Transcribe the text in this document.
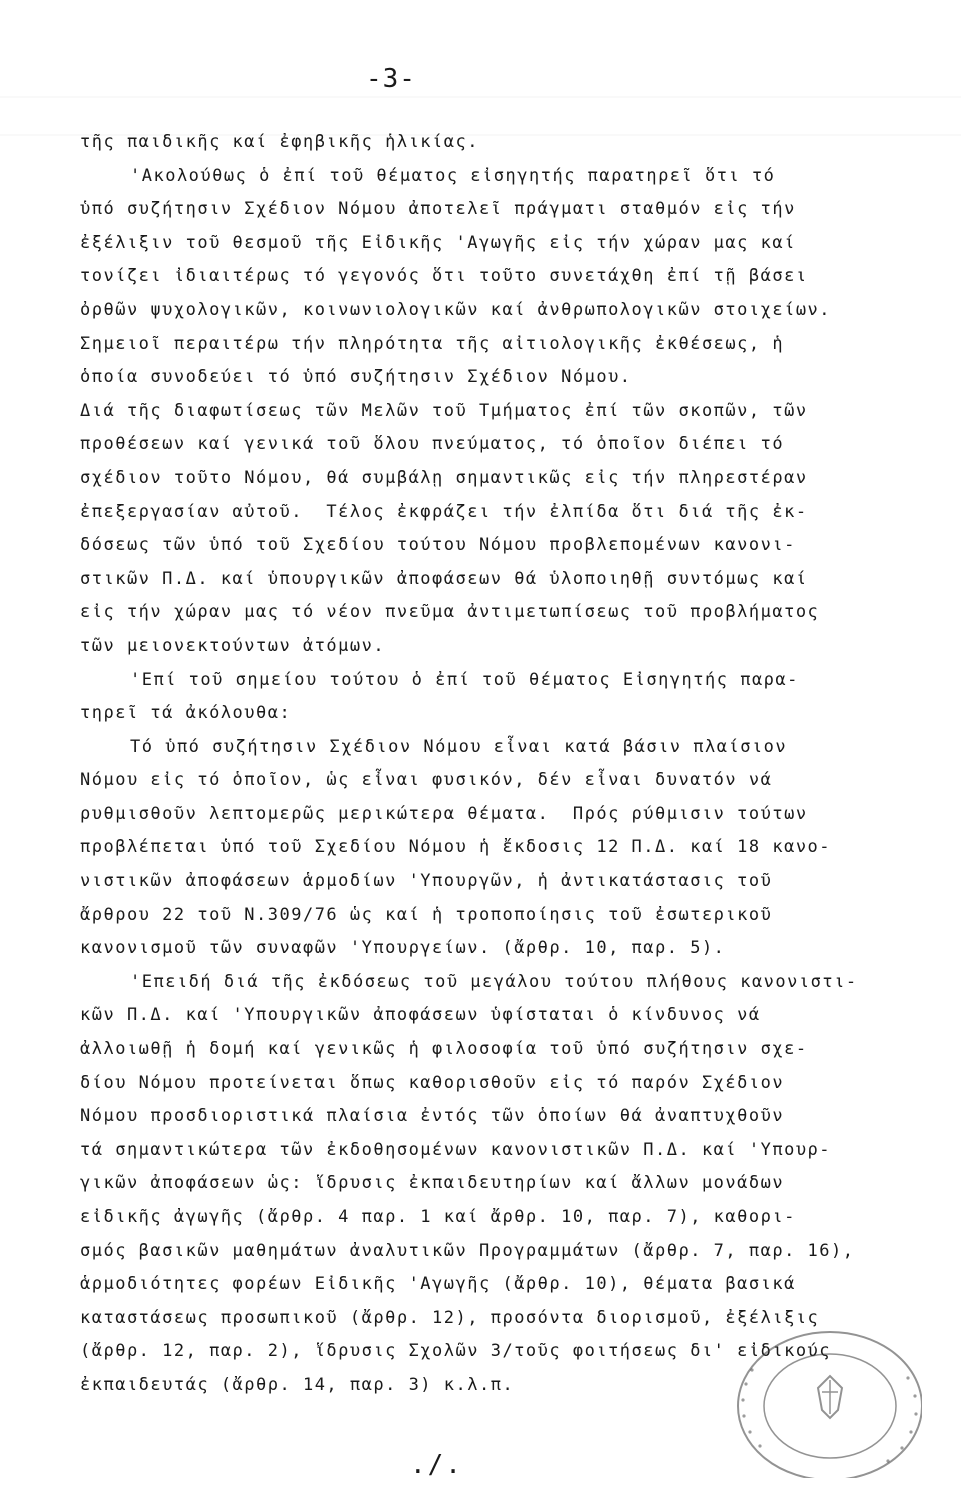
-3-
τῆς παιδικῆς καί ἐφηβικῆς ἡλικίας.
'Ακολούθως ὁ ἐπί τοῦ θέματος εἰσηγητής παρατηρεῖ ὅτι τό
ὑπό συζήτησιν Σχέδιον Νόμου ἀποτελεῖ πράγματι σταθμόν εἰς τήν
ἐξέλιξιν τοῦ θεσμοῦ τῆς Εἰδικῆς 'Αγωγῆς εἰς τήν χώραν μας καί
τονίζει ἰδιαιτέρως τό γεγονός ὅτι τοῦτο συνετάχθη ἐπί τῇ βάσει
ὀρθῶν ψυχολογικῶν, κοινωνιολογικῶν καί ἀνθρωπολογικῶν στοιχείων.
Σημειοῖ περαιτέρω τήν πληρότητα τῆς αἰτιολογικῆς ἐκθέσεως, ἡ
ὁποία συνοδεύει τό ὑπό συζήτησιν Σχέδιον Νόμου.
Διά τῆς διαφωτίσεως τῶν Μελῶν τοῦ Τμήματος ἐπί τῶν σκοπῶν, τῶν
προθέσεων καί γενικά τοῦ ὅλου πνεύματος, τό ὁποῖον διέπει τό
σχέδιον τοῦτο Νόμου, θά συμβάλῃ σημαντικῶς εἰς τήν πληρεστέραν
ἐπεξεργασίαν αὐτοῦ.  Τέλος ἐκφράζει τήν ἐλπίδα ὅτι διά τῆς ἐκ-
δόσεως τῶν ὑπό τοῦ Σχεδίου τούτου Νόμου προβλεπομένων κανονι-
στικῶν Π.Δ. καί ὑπουργικῶν ἀποφάσεων θά ὑλοποιηθῇ συντόμως καί
εἰς τήν χώραν μας τό νέον πνεῦμα ἀντιμετωπίσεως τοῦ προβλήματος
τῶν μειονεκτούντων ἀτόμων.
'Επί τοῦ σημείου τούτου ὁ ἐπί τοῦ θέματος Εἰσηγητής παρα-
τηρεῖ τά ἀκόλουθα:
Τό ὑπό συζήτησιν Σχέδιον Νόμου εἶναι κατά βάσιν πλαίσιον
Νόμου εἰς τό ὁποῖον, ὡς εἶναι φυσικόν, δέν εἶναι δυνατόν νά
ρυθμισθοῦν λεπτομερῶς μερικώτερα θέματα.  Πρός ρύθμισιν τούτων
προβλέπεται ὑπό τοῦ Σχεδίου Νόμου ἡ ἔκδοσις 12 Π.Δ. καί 18 κανο-
νιστικῶν ἀποφάσεων ἁρμοδίων 'Υπουργῶν, ἡ ἀντικατάστασις τοῦ
ἄρθρου 22 τοῦ Ν.309/76 ὡς καί ἡ τροποποίησις τοῦ ἐσωτερικοῦ
κανονισμοῦ τῶν συναφῶν 'Υπουργείων. (ἄρθρ. 10, παρ. 5).
'Επειδή διά τῆς ἐκδόσεως τοῦ μεγάλου τούτου πλήθους κανονιστι-
κῶν Π.Δ. καί 'Υπουργικῶν ἀποφάσεων ὑφίσταται ὁ κίνδυνος νά
ἀλλοιωθῇ ἡ δομή καί γενικῶς ἡ φιλοσοφία τοῦ ὑπό συζήτησιν σχε-
δίου Νόμου προτείνεται ὅπως καθορισθοῦν εἰς τό παρόν Σχέδιον
Νόμου προσδιοριστικά πλαίσια ἐντός τῶν ὁποίων θά ἀναπτυχθοῦν
τά σημαντικώτερα τῶν ἐκδοθησομένων κανονιστικῶν Π.Δ. καί 'Υπουρ-
γικῶν ἀποφάσεων ὡς: ἵδρυσις ἐκπαιδευτηρίων καί ἄλλων μονάδων
εἰδικῆς ἀγωγῆς (ἄρθρ. 4 παρ. 1 καί ἄρθρ. 10, παρ. 7), καθορι-
σμός βασικῶν μαθημάτων ἀναλυτικῶν Προγραμμάτων (ἄρθρ. 7, παρ. 16),
ἁρμοδιότητες φορέων Εἰδικῆς 'Αγωγῆς (ἄρθρ. 10), θέματα βασικά
καταστάσεως προσωπικοῦ (ἄρθρ. 12), προσόντα διορισμοῦ, ἐξέλιξις
(ἄρθρ. 12, παρ. 2), ἵδρυσις Σχολῶν 3/τοῦς φοιτήσεως δι' εἰδικούς
ἐκπαιδευτάς (ἄρθρ. 14, παρ. 3) κ.λ.π.
./.
